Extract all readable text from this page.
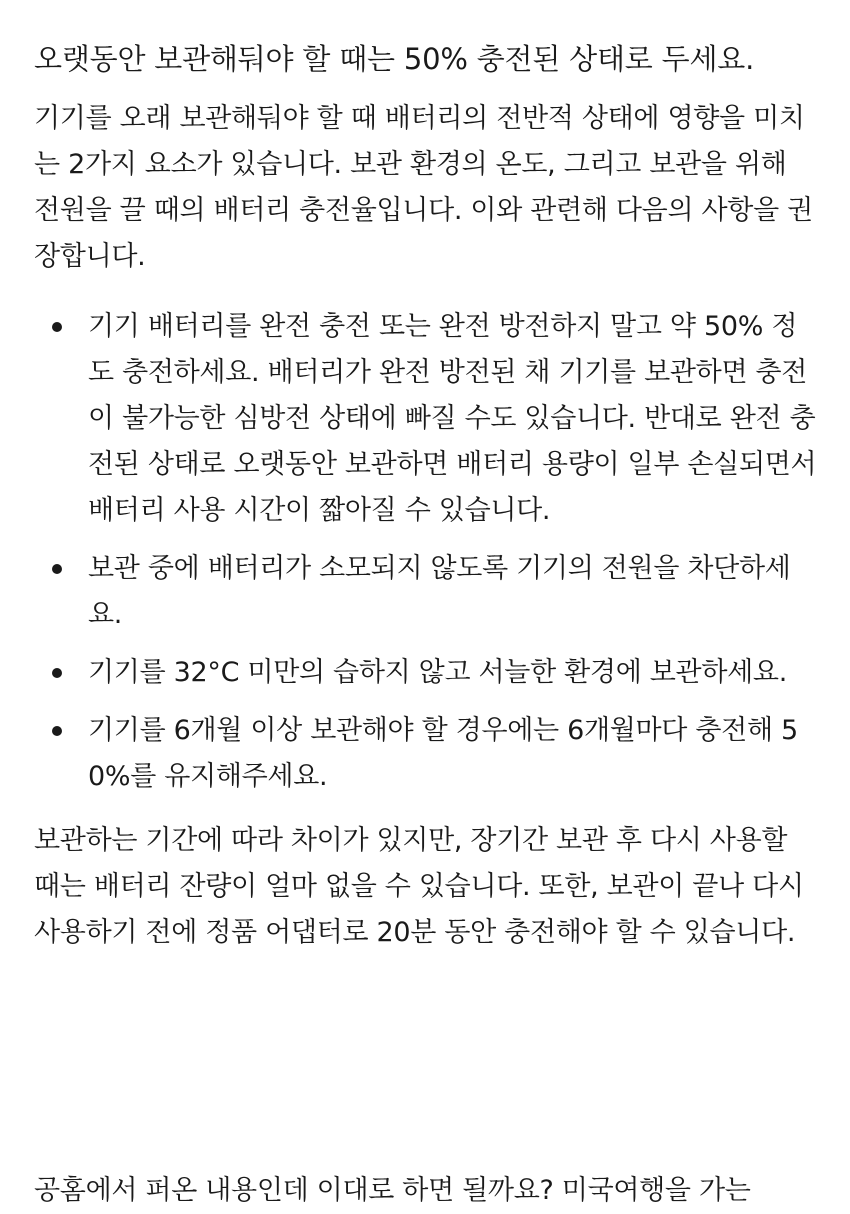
오랫동안 보관해둬야 할 때는 50% 충전된 상태로 두세요.

기기를 오래 보관해둬야 할 때 배터리의 전반적 상태에 영향을 미치는 2가지 요소가 있습니다. 보관 환경의 온도, 그리고 보관을 위해 전원을 끌 때의 배터리 충전율입니다. 이와 관련해 다음의 사항을 권장합니다.

기기 배터리를 완전 충전 또는 완전 방전하지 말고 약 50% 정도 충전하세요. 배터리가 완전 방전된 채 기기를 보관하면 충전이 불가능한 심방전 상태에 빠질 수도 있습니다. 반대로 완전 충전된 상태로 오랫동안 보관하면 배터리 용량이 일부 손실되면서 배터리 사용 시간이 짧아질 수 있습니다.
보관 중에 배터리가 소모되지 않도록 기기의 전원을 차단하세요.
기기를 32°C 미만의 습하지 않고 서늘한 환경에 보관하세요.
기기를 6개월 이상 보관해야 할 경우에는 6개월마다 충전해 50%를 유지해주세요.

보관하는 기간에 따라 차이가 있지만, 장기간 보관 후 다시 사용할 때는 배터리 잔량이 얼마 없을 수 있습니다. 또한, 보관이 끝나 다시 사용하기 전에 정품 어댑터로 20분 동안 충전해야 할 수 있습니다.

공홈에서 퍼온 내용인데 이대로 하면 될까요? 미국여행을 가는
